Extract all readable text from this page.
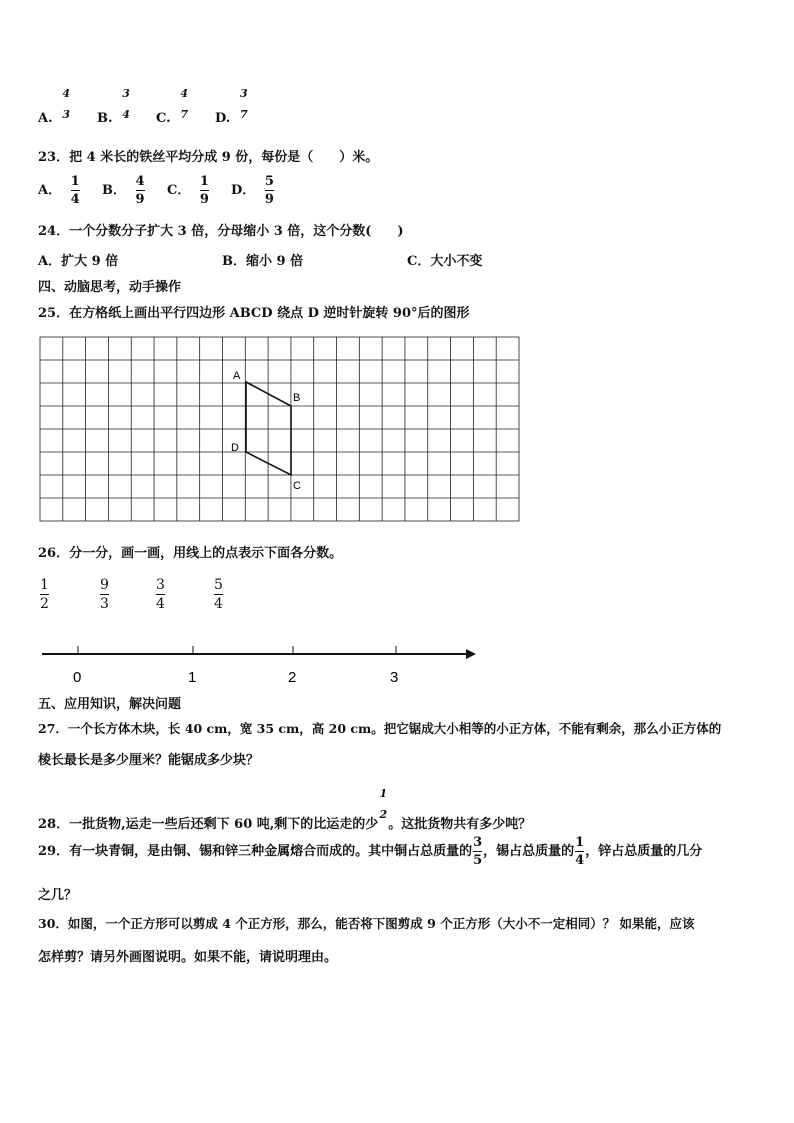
A.
4
3 B.
3
4 C.
4
7 D.
3
7
23．把 4 米长的铁丝平均分成 9 份，每份是（　　）米。
A． $\frac{1}{4}$ B． $\frac{4}{9}$ C． $\frac{1}{9}$ D． $\frac{5}{9}$
24．一个分数分子扩大 3 倍，分母缩小 3 倍，这个分数(　　)
A．扩大 9 倍	B．缩小 9 倍	C．大小不变
四、动脑思考，动手操作
25．在方格纸上画出平行四边形 ABCD 绕点 D 逆时针旋转 90°后的图形
A
B
C
D
26．分一分，画一画，用线上的点表示下面各分数。
$\frac{1}{2}$	$\frac{9}{3}$	$\frac{3}{4}$	$\frac{5}{4}$
0	1	2	3
五、应用知识，解决问题
27．一个长方体木块，长 40 cm，宽 35 cm，高 20 cm。把它锯成大小相等的小正方体，不能有剩余，那么小正方体的
棱长最长是多少厘米？能锯成多少块？
28．一批货物,运走一些后还剩下 60 吨,剩下的比运走的少
1
2
。这批货物共有多少吨？
29．有一块青铜，是由铜、锡和锌三种金属熔合而成的。其中铜占总质量的 $\frac{3}{5}$ ，锡占总质量的 $\frac{1}{4}$ ，锌占总质量的几分
之几？
30．如图，一个正方形可以剪成 4 个正方形，那么，能否将下图剪成 9 个正方形（大小不一定相同）？ 如果能，应该
怎样剪？请另外画图说明。如果不能，请说明理由。
